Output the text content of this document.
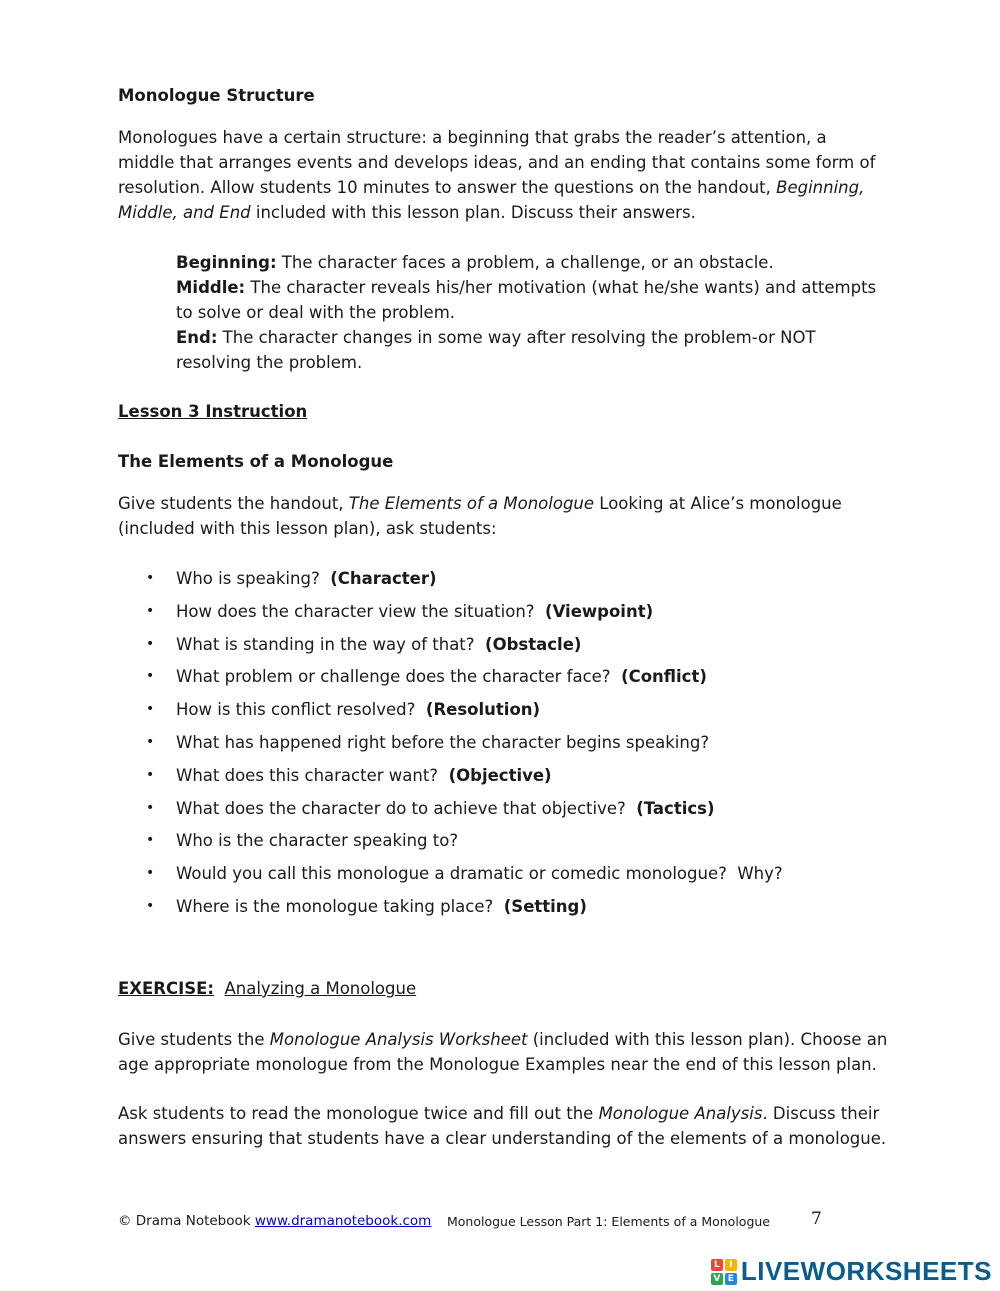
Monologue Structure
Monologues have a certain structure: a beginning that grabs the reader’s attention, a middle that arranges events and develops ideas, and an ending that contains some form of resolution. Allow students 10 minutes to answer the questions on the handout, Beginning, Middle, and End included with this lesson plan. Discuss their answers.
Beginning: The character faces a problem, a challenge, or an obstacle.
Middle: The character reveals his/her motivation (what he/she wants) and attempts to solve or deal with the problem.
End: The character changes in some way after resolving the problem-or NOT resolving the problem.
Lesson 3 Instruction
The Elements of a Monologue
Give students the handout, The Elements of a Monologue Looking at Alice’s monologue (included with this lesson plan), ask students:
•	Who is speaking?  (Character)
•	How does the character view the situation?  (Viewpoint)
•	What is standing in the way of that?  (Obstacle)
•	What problem or challenge does the character face?  (Conflict)
•	How is this conflict resolved?  (Resolution)
•	What has happened right before the character begins speaking?
•	What does this character want?  (Objective)
•	What does the character do to achieve that objective?  (Tactics)
•	Who is the character speaking to?
•	Would you call this monologue a dramatic or comedic monologue?  Why?
•	Where is the monologue taking place?  (Setting)
EXERCISE: Analyzing a Monologue
Give students the Monologue Analysis Worksheet (included with this lesson plan). Choose an age appropriate monologue from the Monologue Examples near the end of this lesson plan.
Ask students to read the monologue twice and fill out the Monologue Analysis. Discuss their answers ensuring that students have a clear understanding of the elements of a monologue.
© Drama Notebook www.dramanotebook.com Monologue Lesson Part 1: Elements of a Monologue 7
L	I
V E LIVEWORKSHEETS
